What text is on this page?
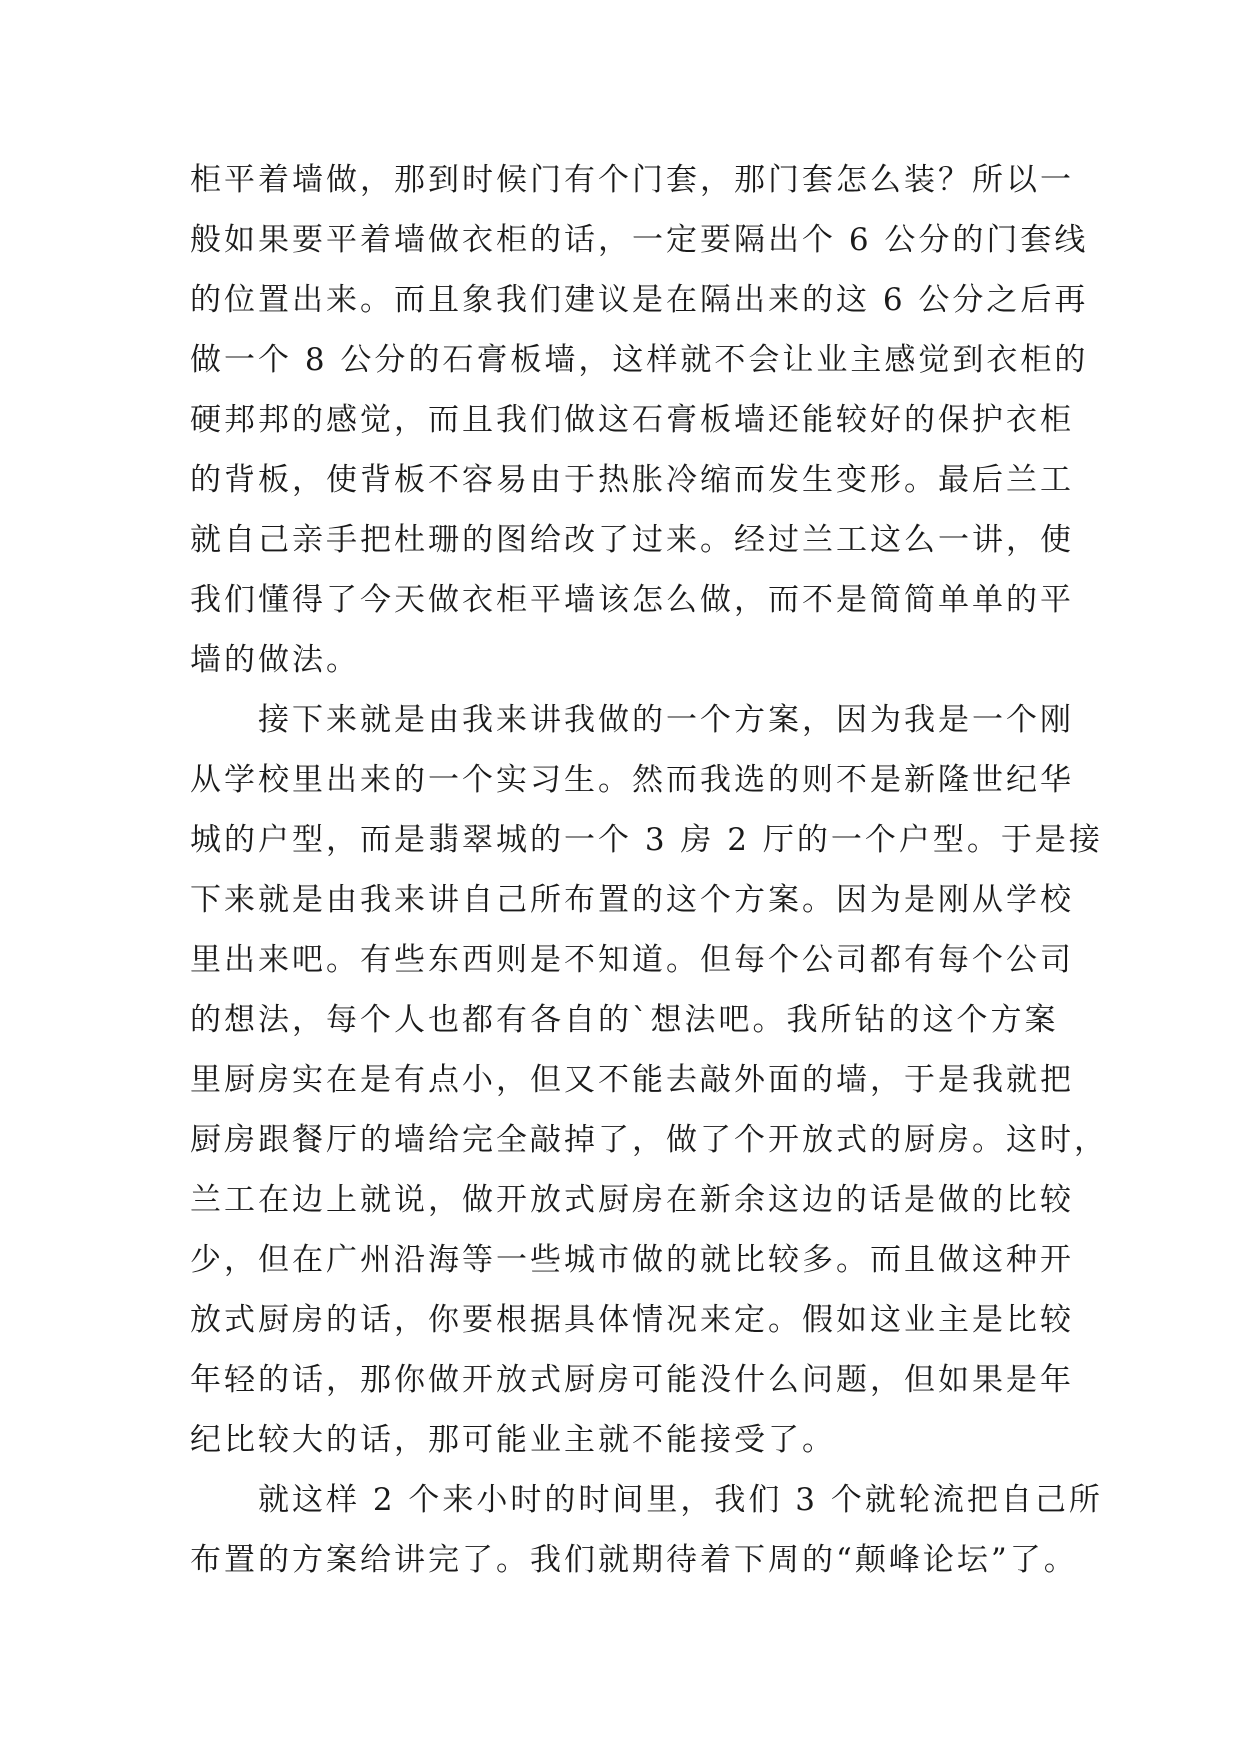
柜平着墙做，那到时候门有个门套，那门套怎么装？所以一
般如果要平着墙做衣柜的话，一定要隔出个 6 公分的门套线
的位置出来。而且象我们建议是在隔出来的这 6 公分之后再
做一个 8 公分的石膏板墙，这样就不会让业主感觉到衣柜的
硬邦邦的感觉，而且我们做这石膏板墙还能较好的保护衣柜
的背板，使背板不容易由于热胀冷缩而发生变形。最后兰工
就自己亲手把杜珊的图给改了过来。经过兰工这么一讲，使
我们懂得了今天做衣柜平墙该怎么做，而不是简简单单的平
墙的做法。
接下来就是由我来讲我做的一个方案，因为我是一个刚
从学校里出来的一个实习生。然而我选的则不是新隆世纪华
城的户型，而是翡翠城的一个 3 房 2 厅的一个户型。于是接
下来就是由我来讲自己所布置的这个方案。因为是刚从学校
里出来吧。有些东西则是不知道。但每个公司都有每个公司
的想法，每个人也都有各自的`想法吧。我所钻的这个方案
里厨房实在是有点小，但又不能去敲外面的墙，于是我就把
厨房跟餐厅的墙给完全敲掉了，做了个开放式的厨房。这时，
兰工在边上就说，做开放式厨房在新余这边的话是做的比较
少，但在广州沿海等一些城市做的就比较多。而且做这种开
放式厨房的话，你要根据具体情况来定。假如这业主是比较
年轻的话，那你做开放式厨房可能没什么问题，但如果是年
纪比较大的话，那可能业主就不能接受了。
就这样 2 个来小时的时间里，我们 3 个就轮流把自己所
布置的方案给讲完了。我们就期待着下周的“颠峰论坛”了。
